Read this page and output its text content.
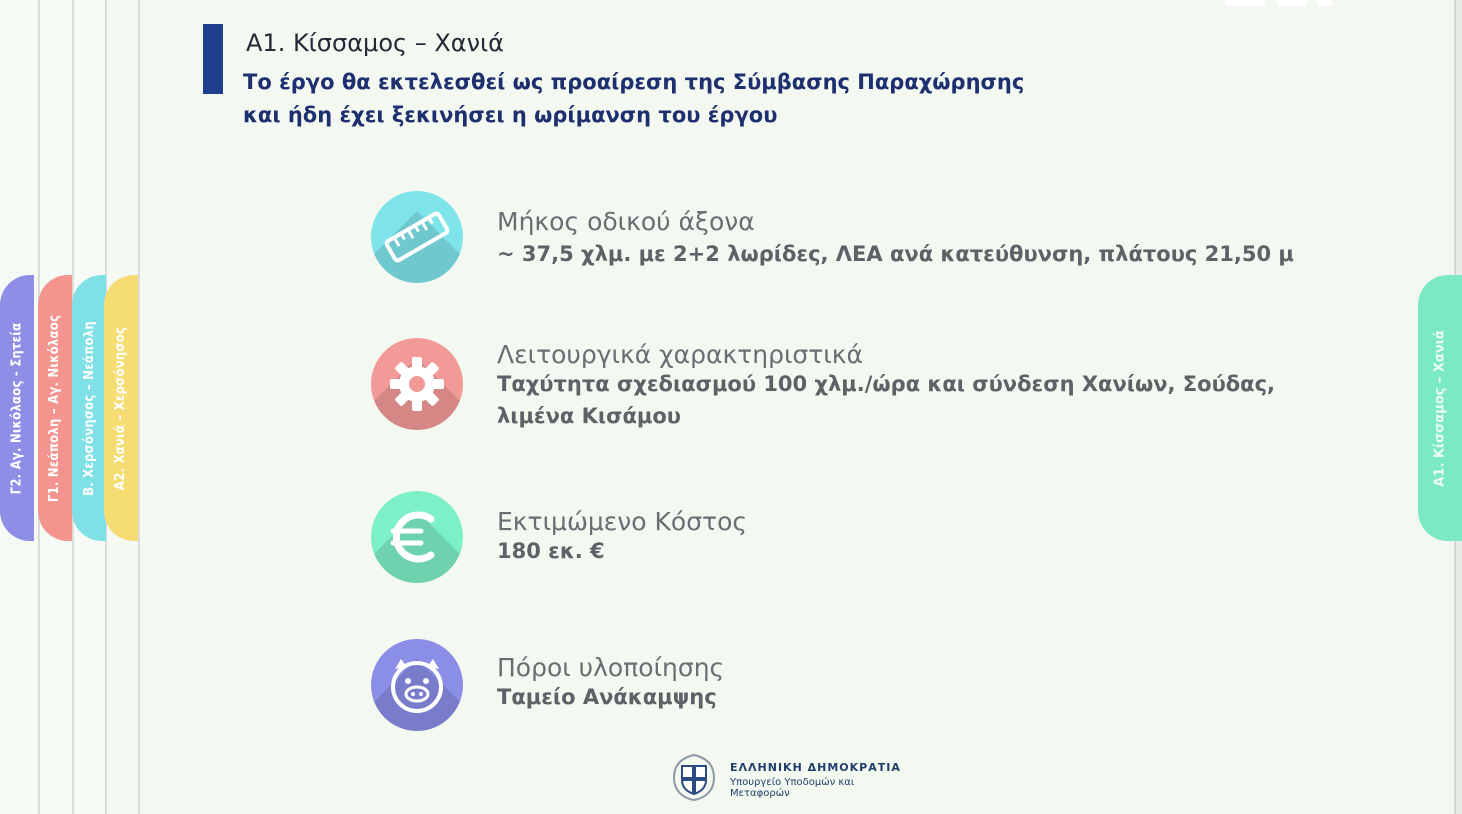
Γ2. Αγ. Νικόλαος - Σητεία Γ1. Νεάπολη – Αγ. Νικόλαος Β. Χερσόνησος – Νεάπολη Α2. Χανιά – Χερσόνησος	Α1. Κίσσαμος – Χανιά
Α1. Κίσσαμος – Χανιά
Το έργο θα εκτελεσθεί ως προαίρεση της Σύμβασης Παραχώρησης
και ήδη έχει ξεκινήσει η ωρίμανση του έργου
Μήκος οδικού άξονα
~ 37,5 χλμ. με 2+2 λωρίδες, ΛΕΑ ανά κατεύθυνση, πλάτους 21,50 μ
Λειτουργικά χαρακτηριστικά
Ταχύτητα σχεδιασμού 100 χλμ./ώρα και σύνδεση Χανίων, Σούδας,
λιμένα Κισάμου
Εκτιμώμενο Κόστος
180 εκ. €
Πόροι υλοποίησης
Ταμείο Ανάκαμψης
ΕΛΛΗΝΙΚΗ ΔΗΜΟΚΡΑΤΙΑ
Υπουργείο Υποδομών και Μεταφορών
